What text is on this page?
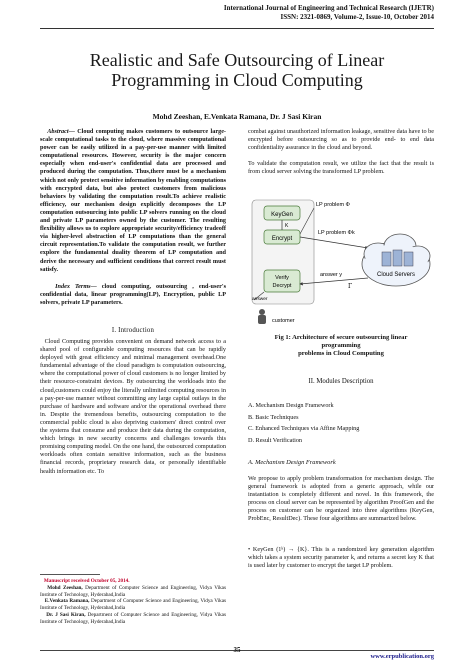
International Journal of Engineering and Technical Research (IJETR)
ISSN: 2321-0869, Volume-2, Issue-10, October 2014
Realistic and Safe Outsourcing of Linear
Programming in Cloud Computing
Mohd Zeeshan, E.Venkata Ramana, Dr. J Sasi Kiran

Abstract— Cloud computing makes customers to outsource large-scale computational tasks to the cloud, where massive computational power can be easily utilized in a pay-per-use manner with limited computational resources. However, security is the major concern especially when end-user's confidential data are processed and produced during the computation. Thus,there must be a mechanism which not only protect sensitive information by enabling computations with encrypted data, but also protect customers from malicious behaviors by validating the computation result.To achieve realistic efficiency, our mechanism design explicitly decomposes the LP computation outsourcing into public LP solvers running on the cloud and private LP parameters owned by the customer. The resulting flexibility allows us to explore appropriate security/efficiency tradeoff via higher-level abstraction of LP computations than the general circuit representation.To validate the computation result, we further explore the fundamental duality theorem of LP computation and derive the necessary and sufficient conditions that correct result must satisfy.

Index Terms— cloud computing, outsourcing , end-user's confidential data, linear programming(LP), Encryption, public LP solvers, private LP parameters.

I. Introduction

Cloud Computing provides convenient on demand network access to a shared pool of configurable computing resources that can be rapidly deployed with great efficiency and minimal management overhead.One fundamental advantage of the cloud paradigm is computation outsourcing, where the computational power of cloud customers is no longer limited by their resource-constraint devices. By outsourcing the workloads into the cloud,customers could enjoy the literally unlimited computing resources in a pay-per-use manner without committing any large capital outlays in the purchase of hardware and software and/or the operational overhead there in. Despite the tremendous benefits, outsourcing computation to the commercial public cloud is also depriving customers' direct control over the systems that consume and produce their data during the computation, which brings in new security concerns and challenges towards this promising computing model. On the one hand, the outsourced computation workloads often contain sensitive information, such as the business financial records, proprietary research data, or personally identifiable health information etc. To

Manuscript received October 05, 2014.

Mohd Zeeshan, Department of Computer Science and Engineering, Vidya Vikas Institute of Technology, Hyderabad,India

E.Venkata Ramana, Department of Computer Science and Engineering, Vidya Vikas Institute of Technology, Hyderabad,India

Dr. J Sasi Kiran, Department of Computer Science and Engineering, Vidya Vikas Institute of Technology, Hyderabad,India

combat against unauthorized information leakage, sensitive data have to be encrypted before outsourcing so as to provide end- to end data confidentiality assurance in the cloud and beyond.
To validate the computation result, we utilize the fact that the result is from cloud server solving the transformed LP problem.
KeyGen
Encrypt
Verify
Decrypt
K
customer
LP problem Φ
LP problem Φk
answer y
Γ
answer
Cloud Servers
Fig 1: Architecture of secure outsourcing linear
programming
problems in Cloud Computing
II. Modules Description
A. Mechanism Design Framework
B. Basic Techniques
C. Enhanced Techniques via Affine Mapping
D. Result Verification
A. Mechanism Design Framework
We propose to apply problem transformation for mechanism design. The general framework is adopted from a generic approach, while our instantiation is completely different and novel. In this framework, the process on cloud server can be represented by algorithm ProofGen and the process on customer can be organized into three algorithms (KeyGen, ProbEnc, ResultDec). These four algorithms are summarized below.
• KeyGen (1ᵏ) → {K}. This is a randomized key generation algorithm which takes a system security parameter k, and returns a secret key K that is used later by customer to encrypt the target LP problem.
35
www.erpublication.org
